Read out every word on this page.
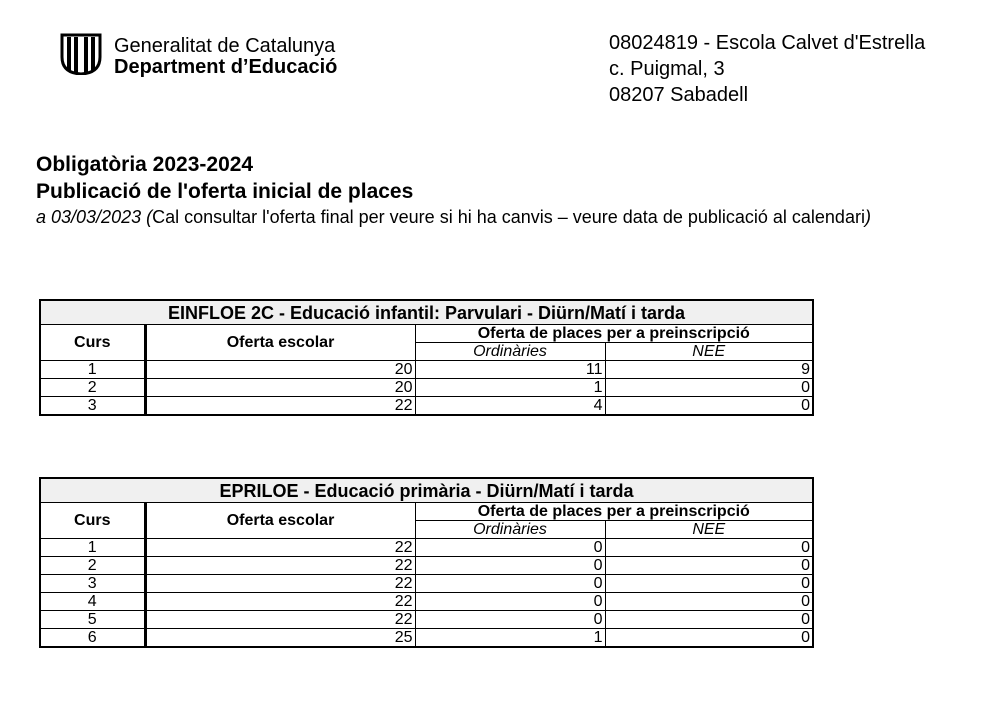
Generalitat de Catalunya
Department d’Educació
08024819 - Escola Calvet d'Estrella
c. Puigmal, 3
08207 Sabadell
Obligatòria 2023-2024
Publicació de l'oferta inicial de places
a 03/03/2023 (Cal consultar l'oferta final per veure si hi ha canvis – veure data de publicació al calendari)
EINFLOE 2C - Educació infantil: Parvulari - Diürn/Matí i tarda			
Curs	Oferta escolar	Oferta de places per a preinscripció	
		Ordinàries	NEE
1	20	11	9
2	20	1	0
3	22	4	0
EPRILOE - Educació primària - Diürn/Matí i tarda			
Curs	Oferta escolar	Oferta de places per a preinscripció	
		Ordinàries	NEE
1	22	0	0
2	22	0	0
3	22	0	0
4	22	0	0
5	22	0	0
6	25	1	0
